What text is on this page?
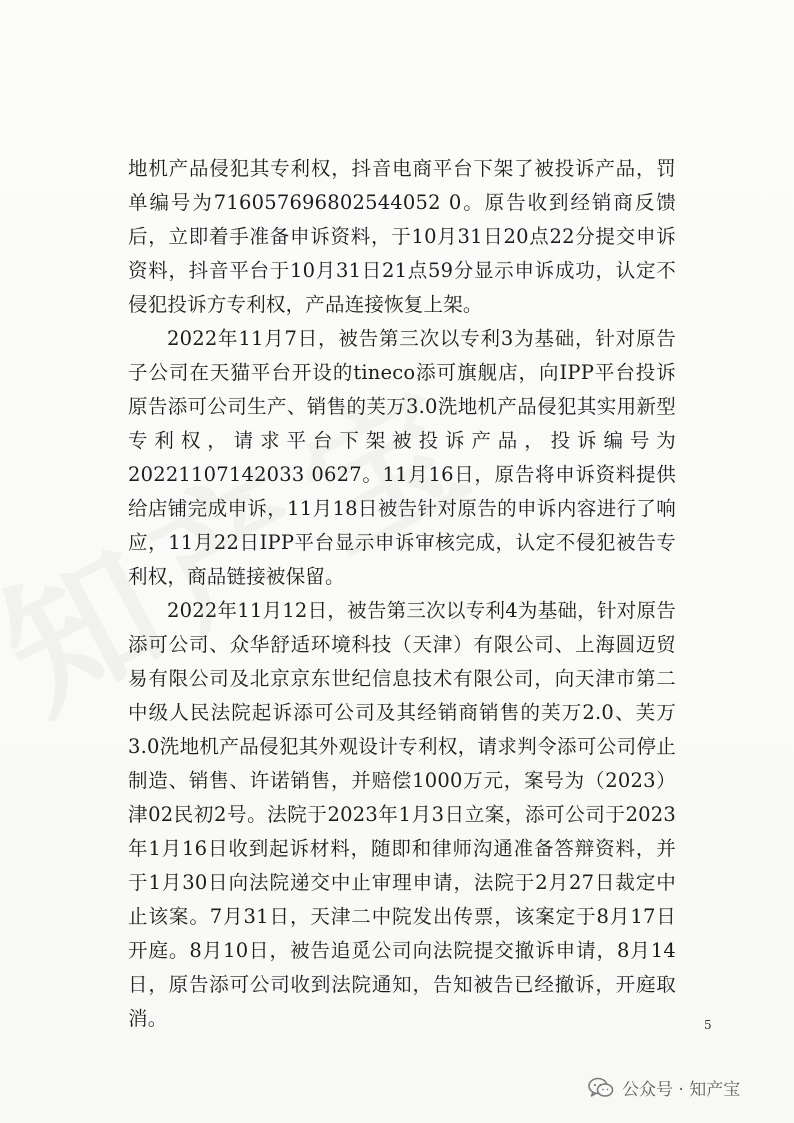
地机产品侵犯其专利权，抖音电商平台下架了被投诉产品，罚单编号为716057696802544052 0。原告收到经销商反馈后，立即着手准备申诉资料，于10月31日20点22分提交申诉资料，抖音平台于10月31日21点59分显示申诉成功，认定不侵犯投诉方专利权，产品连接恢复上架。

2022年11月7日，被告第三次以专利3为基础，针对原告子公司在天猫平台开设的tineco添可旗舰店，向IPP平台投诉原告添可公司生产、销售的芙万3.0洗地机产品侵犯其实用新型专利权，请求平台下架被投诉产品，投诉编号为20221107142033 0627。11月16日，原告将申诉资料提供给店铺完成申诉，11月18日被告针对原告的申诉内容进行了响应，11月22日IPP平台显示申诉审核完成，认定不侵犯被告专利权，商品链接被保留。

2022年11月12日，被告第三次以专利4为基础，针对原告添可公司、众华舒适环境科技（天津）有限公司、上海圆迈贸易有限公司及北京京东世纪信息技术有限公司，向天津市第二中级人民法院起诉添可公司及其经销商销售的芙万2.0、芙万3.0洗地机产品侵犯其外观设计专利权，请求判令添可公司停止制造、销售、许诺销售，并赔偿1000万元，案号为（2023）津02民初2号。法院于2023年1月3日立案，添可公司于2023年1月16日收到起诉材料，随即和律师沟通准备答辩资料，并于1月30日向法院递交中止审理申请，法院于2月27日裁定中止该案。7月31日，天津二中院发出传票，该案定于8月17日开庭。8月10日，被告追觅公司向法院提交撤诉申请，8月14日，原告添可公司收到法院通知，告知被告已经撤诉，开庭取消。	5
公众号 · 知产宝
